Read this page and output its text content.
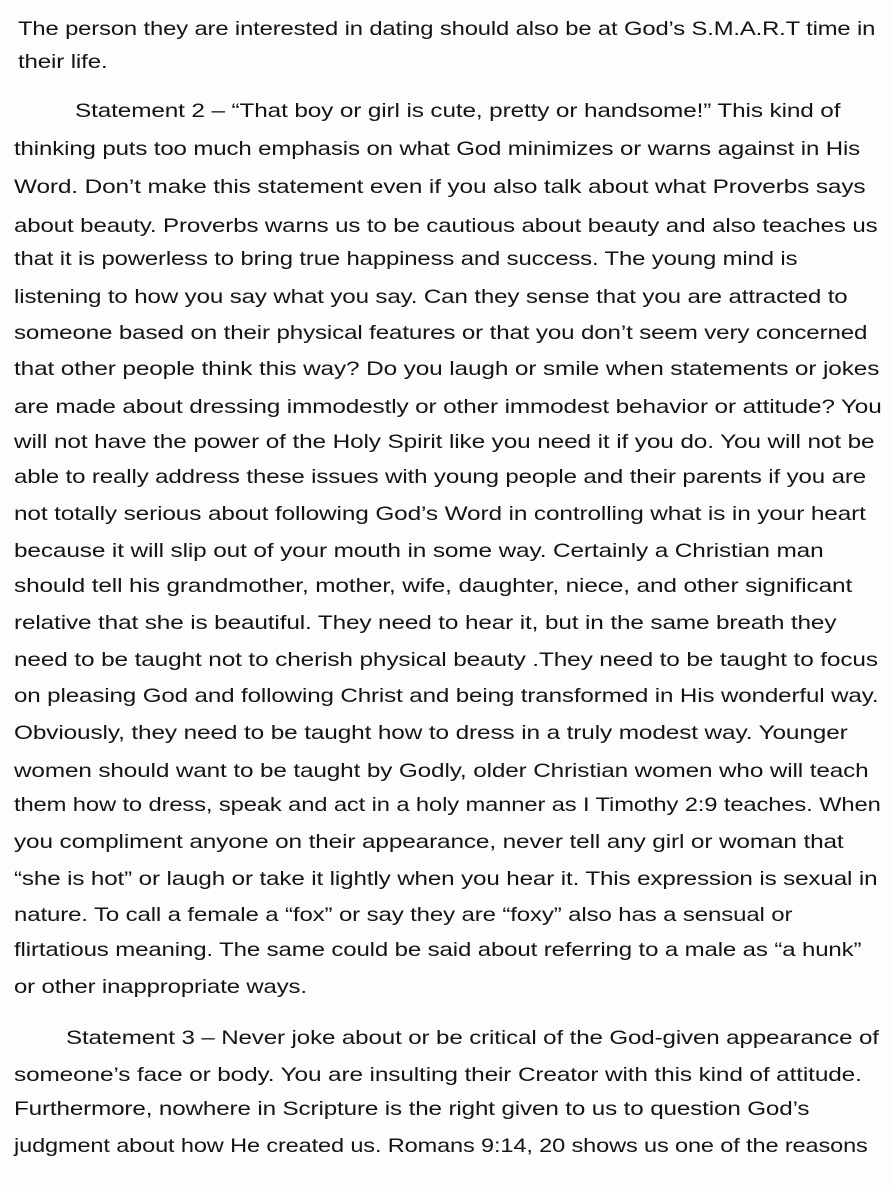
The person they are interested in dating should also be at God’s S.M.A.R.T time in
their life.
Statement 2 – “That boy or girl is cute, pretty or handsome!” This kind of
thinking puts too much emphasis on what God minimizes or warns against in His
Word. Don’t make this statement even if you also talk about what Proverbs says
about beauty. Proverbs warns us to be cautious about beauty and also teaches us
that it is powerless to bring true happiness and success. The young mind is
listening to how you say what you say. Can they sense that you are attracted to
someone based on their physical features or that you don’t seem very concerned
that other people think this way? Do you laugh or smile when statements or jokes
are made about dressing immodestly or other immodest behavior or attitude? You
will not have the power of the Holy Spirit like you need it if you do. You will not be
able to really address these issues with young people and their parents if you are
not totally serious about following God’s Word in controlling what is in your heart
because it will slip out of your mouth in some way. Certainly a Christian man
should tell his grandmother, mother, wife, daughter, niece, and other significant
relative that she is beautiful. They need to hear it, but in the same breath they
need to be taught not to cherish physical beauty .They need to be taught to focus
on pleasing God and following Christ and being transformed in His wonderful way.
Obviously, they need to be taught how to dress in a truly modest way. Younger
women should want to be taught by Godly, older Christian women who will teach
them how to dress, speak and act in a holy manner as I Timothy 2:9 teaches. When
you compliment anyone on their appearance, never tell any girl or woman that
“she is hot” or laugh or take it lightly when you hear it. This expression is sexual in
nature. To call a female a “fox” or say they are “foxy” also has a sensual or
flirtatious meaning. The same could be said about referring to a male as “a hunk”
or other inappropriate ways.
Statement 3 – Never joke about or be critical of the God-given appearance of
someone’s face or body. You are insulting their Creator with this kind of attitude.
Furthermore, nowhere in Scripture is the right given to us to question God’s
judgment about how He created us. Romans 9:14, 20 shows us one of the reasons
